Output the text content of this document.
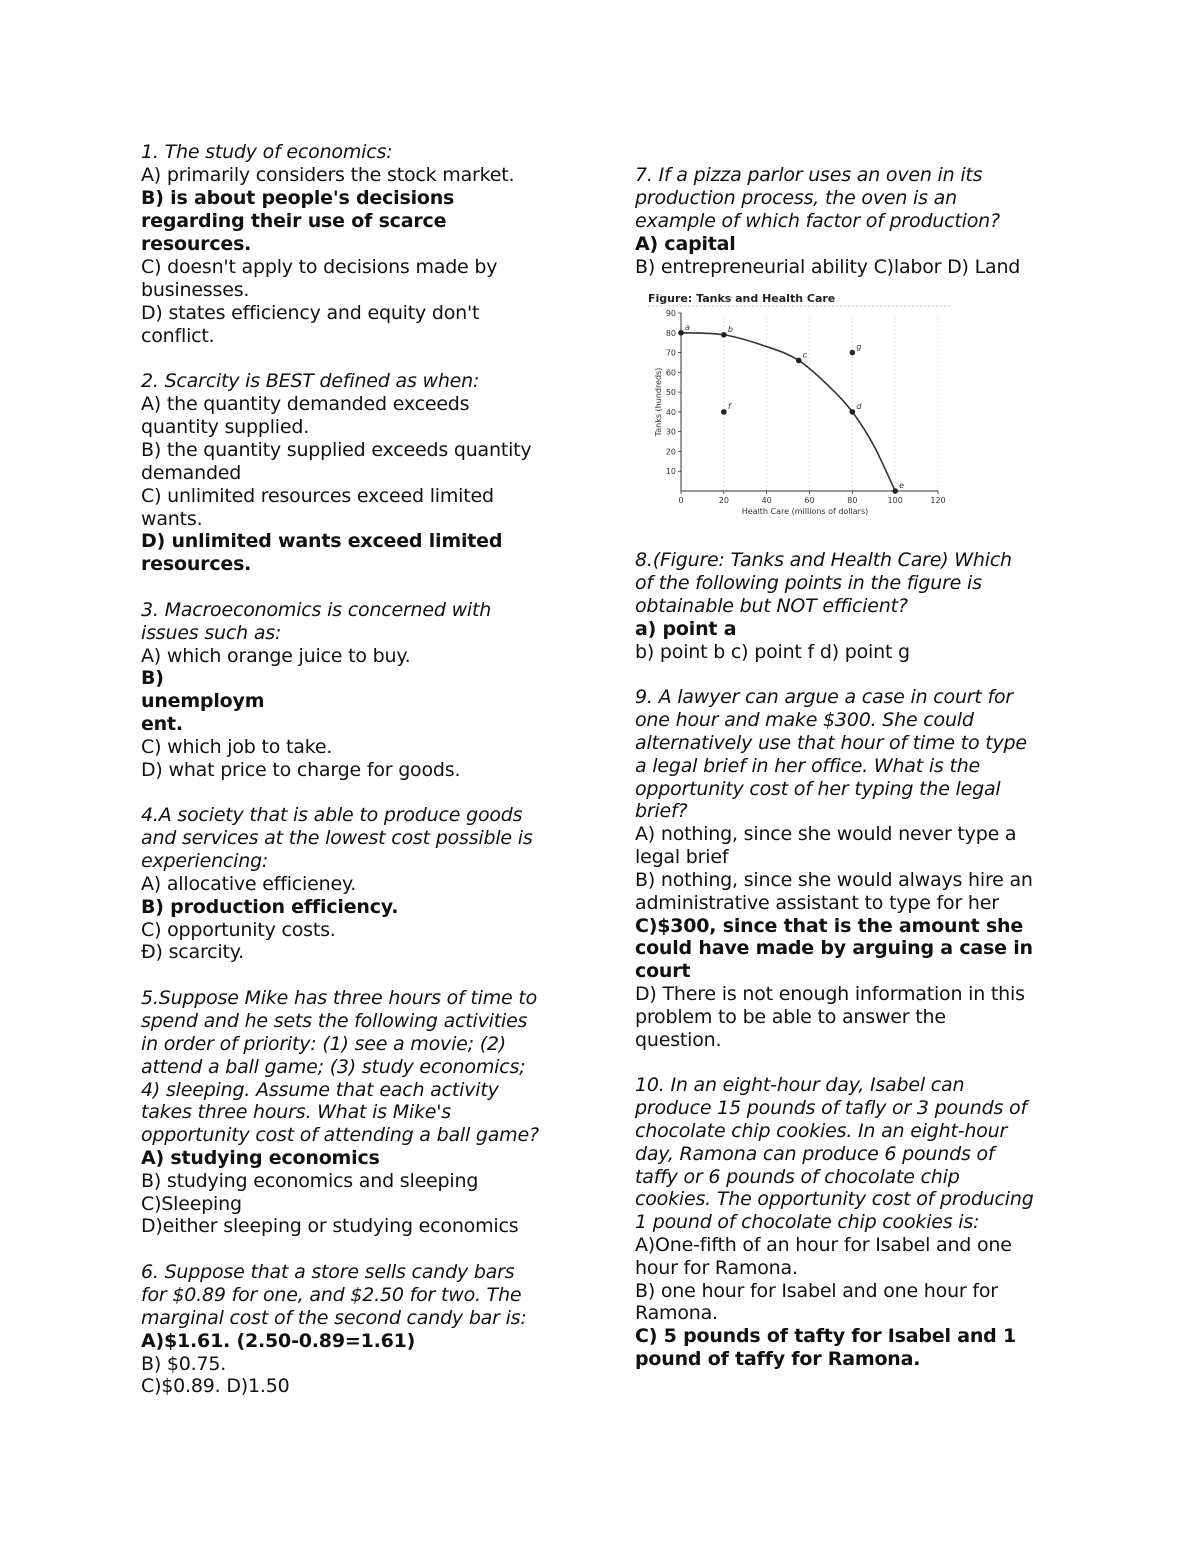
1. The study of economics:
A) primarily considers the stock market.
B) is about people's decisions
regarding their use of scarce
resources.
C) doesn't apply to decisions made by
businesses.
D) states efficiency and equity don't
conflict.
2. Scarcity is BEST defined as when:
A) the quantity demanded exceeds
quantity supplied.
B) the quantity supplied exceeds quantity
demanded
C) unlimited resources exceed limited
wants.
D) unlimited wants exceed limited
resources.
3. Macroeconomics is concerned with
issues such as:
A) which orange juice to buy.
B)
unemploym
ent.
C) which job to take.
D) what price to charge for goods.
4.A society that is able to produce goods
and services at the lowest cost possible is
experiencing:
A) allocative efficieney.
B) production efficiency.
C) opportunity costs.
Ð) scarcity.
5.Suppose Mike has three hours of time to
spend and he sets the following activities
in order of priority: (1) see a movie; (2)
attend a ball game; (3) study economics;
4) sleeping. Assume that each activity
takes three hours. What is Mike's
opportunity cost of attending a ball game?
A) studying economics
B) studying economics and sleeping
C)Sleeping
D)either sleeping or studying economics
6. Suppose that a store sells candy bars
for $0.89 for one, and $2.50 for two. The
marginal cost of the second candy bar is:
A)$1.61. (2.50-0.89=1.61)
B) $0.75.
C)$0.89. D)1.50
7. If a pizza parlor uses an oven in its
production process, the oven is an
example of which factor of production?
A) capital
B) entrepreneurial ability C)labor D) Land
8.(Figure: Tanks and Health Care) Which
of the following points in the figure is
obtainable but NOT efficient?
a) point a
b) point b c) point f d) point g
9. A lawyer can argue a case in court for
one hour and make $300. She could
alternatively use that hour of time to type
a legal brief in her office. What is the
opportunity cost of her typing the legal
brief?
A) nothing, since she would never type a
legal brief
B) nothing, since she would always hire an
administrative assistant to type for her
C)$300, since that is the amount she
could have made by arguing a case in
court
D) There is not enough information in this
problem to be able to answer the
question.
10. In an eight-hour day, Isabel can
produce 15 pounds of tafly or 3 pounds of
chocolate chip cookies. In an eight-hour
day, Ramona can produce 6 pounds of
taffy or 6 pounds of chocolate chip
cookies. The opportunity cost of producing
1 pound of chocolate chip cookies is:
A)One-fifth of an hour for Isabel and one
hour for Ramona.
B) one hour for Isabel and one hour for
Ramona.
C) 5 pounds of tafty for Isabel and 1
pound of taffy for Ramona.
Figure: Tanks and Health Care
0	20	40	60	80	100	120
10
20
30
40
50
60
70
80
90
a	b
c
d
e
f
g
Health Care (millions of dollars)
Tanks (hundreds)
